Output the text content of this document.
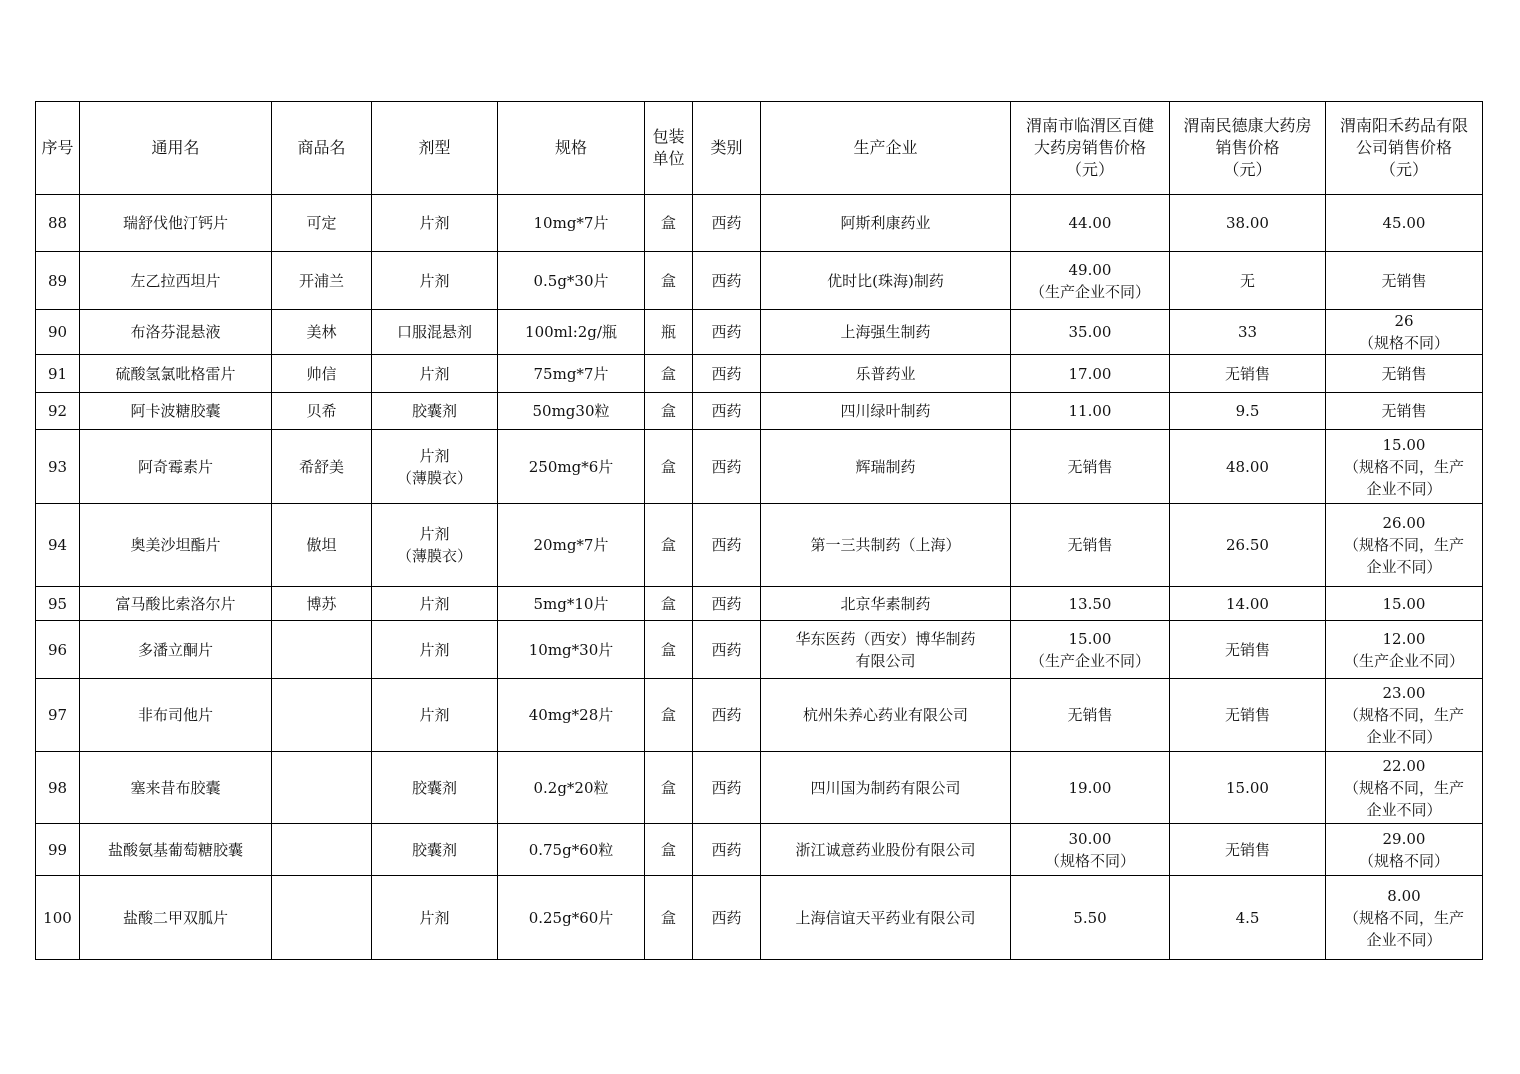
序号	通用名	商品名	剂型	规格	包装
单位	类别	生产企业	渭南市临渭区百健
大药房销售价格
（元）	渭南民德康大药房
销售价格
（元）	渭南阳禾药品有限
公司销售价格
（元）

88	瑞舒伐他汀钙片	可定	片剂	10mg*7片	盒	西药	阿斯利康药业	44.00	38.00	45.00

89	左乙拉西坦片	开浦兰	片剂	0.5g*30片	盒	西药	优时比(珠海)制药	49.00
（生产企业不同）	无	无销售

90	布洛芬混悬液	美林	口服混悬剂	100ml:2g/瓶	瓶	西药	上海强生制药	35.00	33	26
（规格不同）

91	硫酸氢氯吡格雷片	帅信	片剂	75mg*7片	盒	西药	乐普药业	17.00	无销售	无销售

92	阿卡波糖胶囊	贝希	胶囊剂	50mg30粒	盒	西药	四川绿叶制药	11.00	9.5	无销售

93	阿奇霉素片	希舒美	片剂
（薄膜衣）	250mg*6片	盒	西药	辉瑞制药	无销售	48.00	15.00
（规格不同，生产
企业不同）

94	奥美沙坦酯片	傲坦	片剂
（薄膜衣）	20mg*7片	盒	西药	第一三共制药（上海）	无销售	26.50	26.00
（规格不同，生产
企业不同）

95	富马酸比索洛尔片	博苏	片剂	5mg*10片	盒	西药	北京华素制药	13.50	14.00	15.00

96	多潘立酮片		片剂	10mg*30片	盒	西药	华东医药（西安）博华制药
有限公司	15.00
（生产企业不同）	无销售	12.00
（生产企业不同）

97	非布司他片		片剂	40mg*28片	盒	西药	杭州朱养心药业有限公司	无销售	无销售	23.00
（规格不同，生产
企业不同）

98	塞来昔布胶囊		胶囊剂	0.2g*20粒	盒	西药	四川国为制药有限公司	19.00	15.00	22.00
（规格不同，生产
企业不同）

99	盐酸氨基葡萄糖胶囊		胶囊剂	0.75g*60粒	盒	西药	浙江诚意药业股份有限公司	30.00
（规格不同）	无销售	29.00
（规格不同）

100	盐酸二甲双胍片		片剂	0.25g*60片	盒	西药	上海信谊天平药业有限公司	5.50	4.5	8.00
（规格不同，生产
企业不同）
